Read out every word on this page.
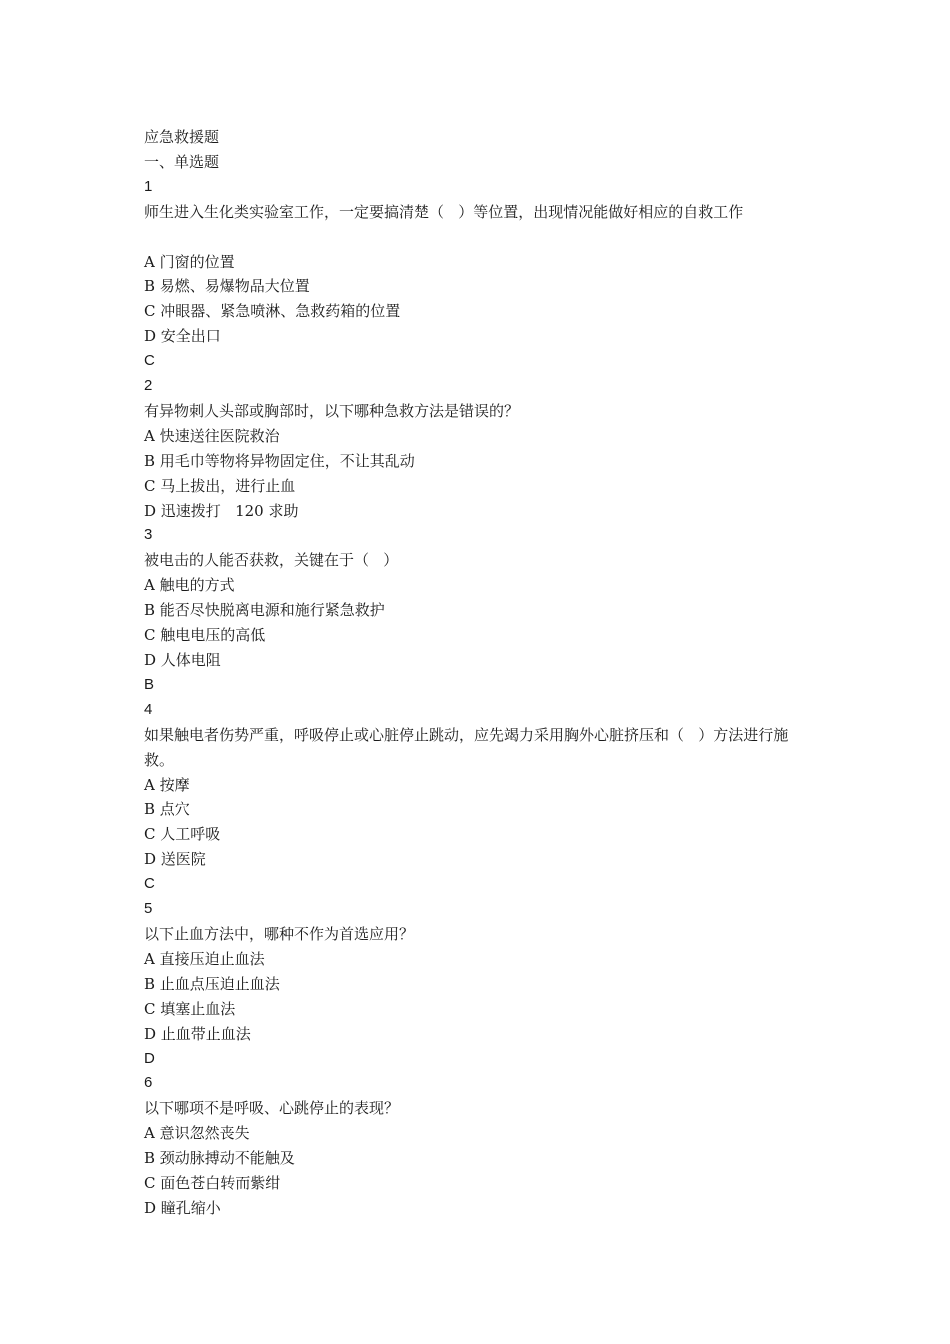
应急救援题
一、单选题
1
师生进入生化类实验室工作，一定要搞清楚（   ）等位置，出现情况能做好相应的自救工作
A 门窗的位置
B 易燃、易爆物品大位置
C 冲眼器、紧急喷淋、急救药箱的位置
D 安全出口
C
2
有异物刺人头部或胸部时，以下哪种急救方法是错误的？
A 快速送往医院救治
B 用毛巾等物将异物固定住，不让其乱动
C 马上拔出，进行止血
D 迅速拨打   120 求助
3
被电击的人能否获救，关键在于（   ）
A 触电的方式
B 能否尽快脱离电源和施行紧急救护
C 触电电压的高低
D 人体电阻
B
4
如果触电者伤势严重，呼吸停止或心脏停止跳动，应先竭力采用胸外心脏挤压和（   ）方法进行施救。
A 按摩
B 点穴
C 人工呼吸
D 送医院
C
5
以下止血方法中，哪种不作为首选应用？
A 直接压迫止血法
B 止血点压迫止血法
C 填塞止血法
D 止血带止血法
D
6
以下哪项不是呼吸、心跳停止的表现？
A 意识忽然丧失
B 颈动脉搏动不能触及
C 面色苍白转而紫绀
D 瞳孔缩小
